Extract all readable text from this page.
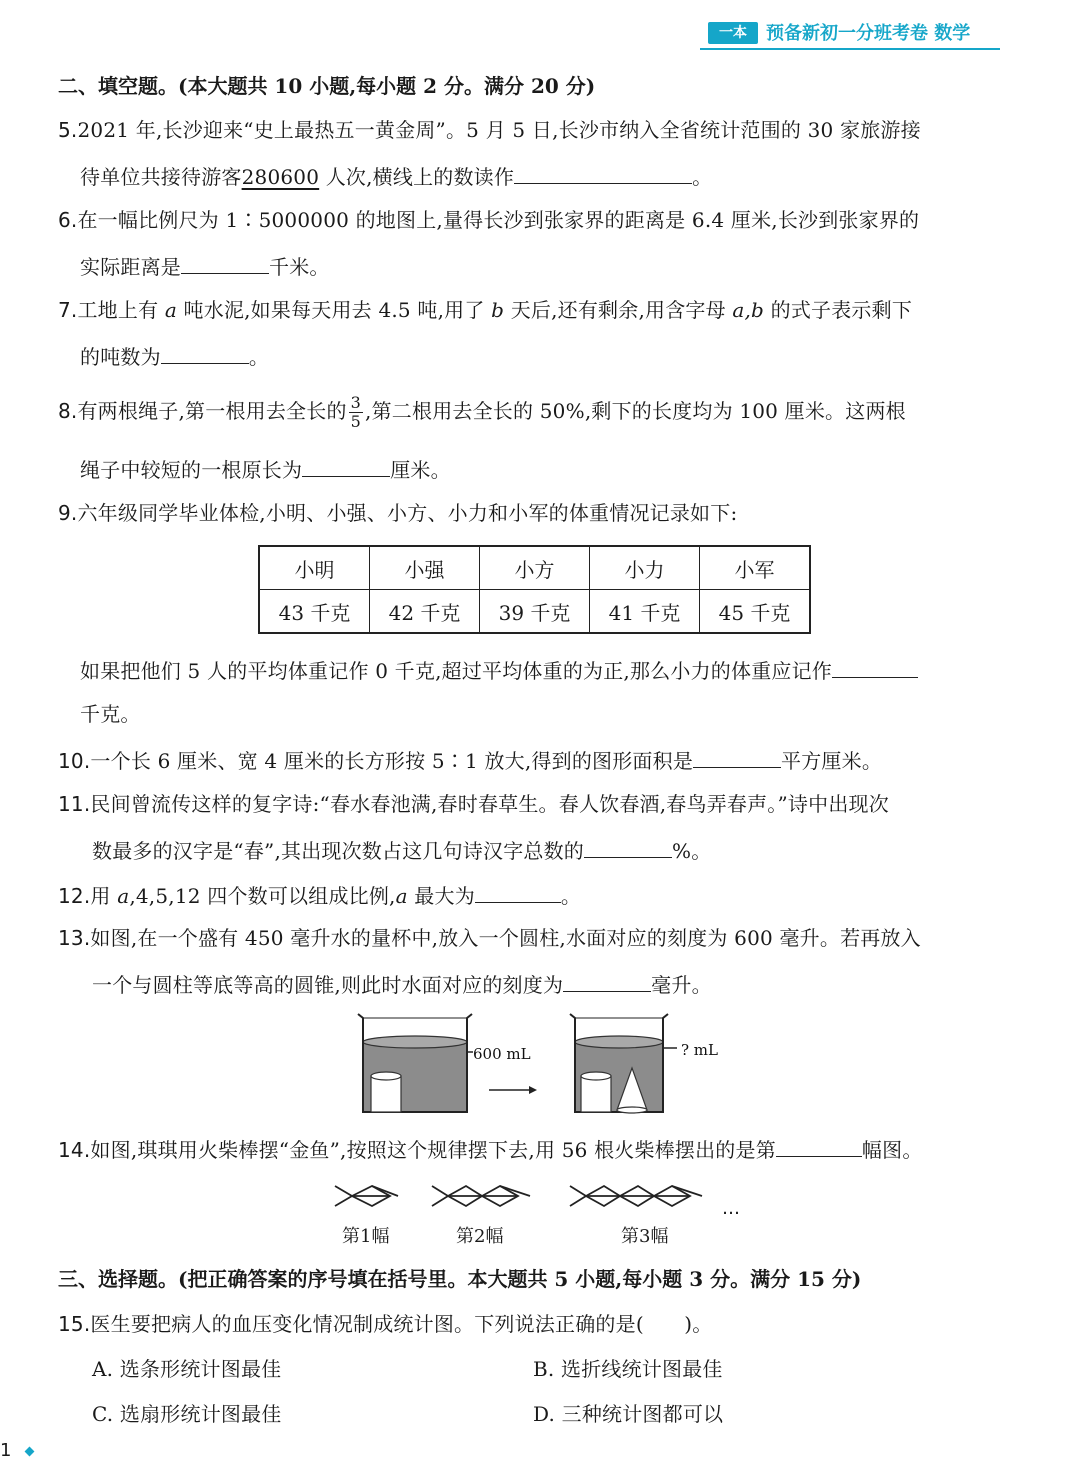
一本	预备新初一分班考卷 数学
二、填空题。(本大题共 10 小题,每小题 2 分。满分 20 分)
5.2021 年,长沙迎来“史上最热五一黄金周”。5 月 5 日,长沙市纳入全省统计范围的 30 家旅游接
待单位共接待游客280600 人次,横线上的数读作	。
6.在一幅比例尺为 1∶5000000 的地图上,量得长沙到张家界的距离是 6.4 厘米,长沙到张家界的
实际距离是	千米。
7.工地上有 a 吨水泥,如果每天用去 4.5 吨,用了 b 天后,还有剩余,用含字母 a,b 的式子表示剩下
的吨数为	。
8.有两根绳子,第一根用去全长的 $\frac{3}{5}$ ,第二根用去全长的 50%,剩下的长度均为 100 厘米。这两根
绳子中较短的一根原长为	厘米。
9.六年级同学毕业体检,小明、小强、小方、小力和小军的体重情况记录如下:
小明	小强	小方	小力	小军
43 千克	42 千克	39 千克	41 千克	45 千克
如果把他们 5 人的平均体重记作 0 千克,超过平均体重的为正,那么小力的体重应记作
千克。
10.一个长 6 厘米、宽 4 厘米的长方形按 5∶1 放大,得到的图形面积是	平方厘米。
11.民间曾流传这样的复字诗:“春水春池满,春时春草生。春人饮春酒,春鸟弄春声。”诗中出现次
数最多的汉字是“春”,其出现次数占这几句诗汉字总数的	%。
12.用 a,4,5,12 四个数可以组成比例,a 最大为	。
13.如图,在一个盛有 450 毫升水的量杯中,放入一个圆柱,水面对应的刻度为 600 毫升。若再放入
一个与圆柱等底等高的圆锥,则此时水面对应的刻度为	毫升。
600 mL	? mL
14.如图,琪琪用火柴棒摆“金鱼”,按照这个规律摆下去,用 56 根火柴棒摆出的是第	幅图。
…
第1幅	第2幅	第3幅
三、选择题。(把正确答案的序号填在括号里。本大题共 5 小题,每小题 3 分。满分 15 分)
15.医生要把病人的血压变化情况制成统计图。下列说法正确的是(　　)。
A. 选条形统计图最佳	B. 选折线统计图最佳
C. 选扇形统计图最佳	D. 三种统计图都可以
1
